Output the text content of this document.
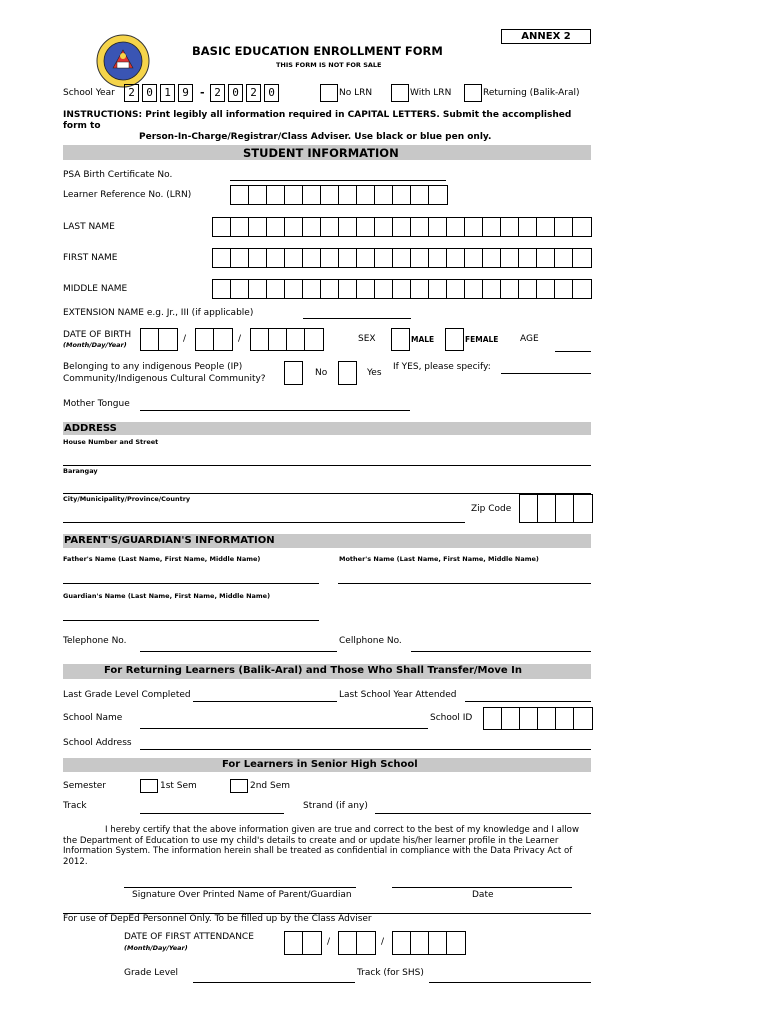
ANNEX 2
BASIC EDUCATION ENROLLMENT FORM
THIS FORM IS NOT FOR SALE
School Year	2	0	1	9	- 2	0	2	0	No LRN	With LRN	Returning (Balik-Aral)
INSTRUCTIONS: Print legibly all information required in CAPITAL LETTERS. Submit the accomplished
form to
Person-In-Charge/Registrar/Class Adviser. Use black or blue pen only.
STUDENT INFORMATION
PSA Birth Certificate No.
Learner Reference No. (LRN)
LAST NAME
FIRST NAME
MIDDLE NAME
EXTENSION NAME e.g. Jr., III (if applicable)
DATE OF BIRTH
(Month/Day/Year)
/	/	SEX	MALE	FEMALE AGE
Belonging to any indigenous People (IP)
Community/Indigenous Cultural Community?
No	Yes
If YES, please specify:
Mother Tongue
ADDRESS
House Number and Street
Barangay
City/Municipality/Province/Country
Zip Code
PARENT'S/GUARDIAN'S INFORMATION
Father's Name (Last Name, First Name, Middle Name)	Mother's Name (Last Name, First Name, Middle Name)
Guardian's Name (Last Name, First Name, Middle Name)
Telephone No.	Cellphone No.
For Returning Learners (Balik-Aral) and Those Who Shall Transfer/Move In
Last Grade Level Completed	Last School Year Attended
School Name	School ID
School Address
For Learners in Senior High School
Semester	1st Sem	2nd Sem
Track	Strand (if any)
I hereby certify that the above information given are true and correct to the best of my knowledge and I allow the Department of Education to use my child's details to create and or update his/her learner profile in the Learner Information System. The information herein shall be treated as confidential in compliance with the Data Privacy Act of 2012.
Signature Over Printed Name of Parent/Guardian	Date
For use of DepEd Personnel Only. To be filled up by the Class Adviser
DATE OF FIRST ATTENDANCE
(Month/Day/Year)
/	/
Grade Level	Track (for SHS)
